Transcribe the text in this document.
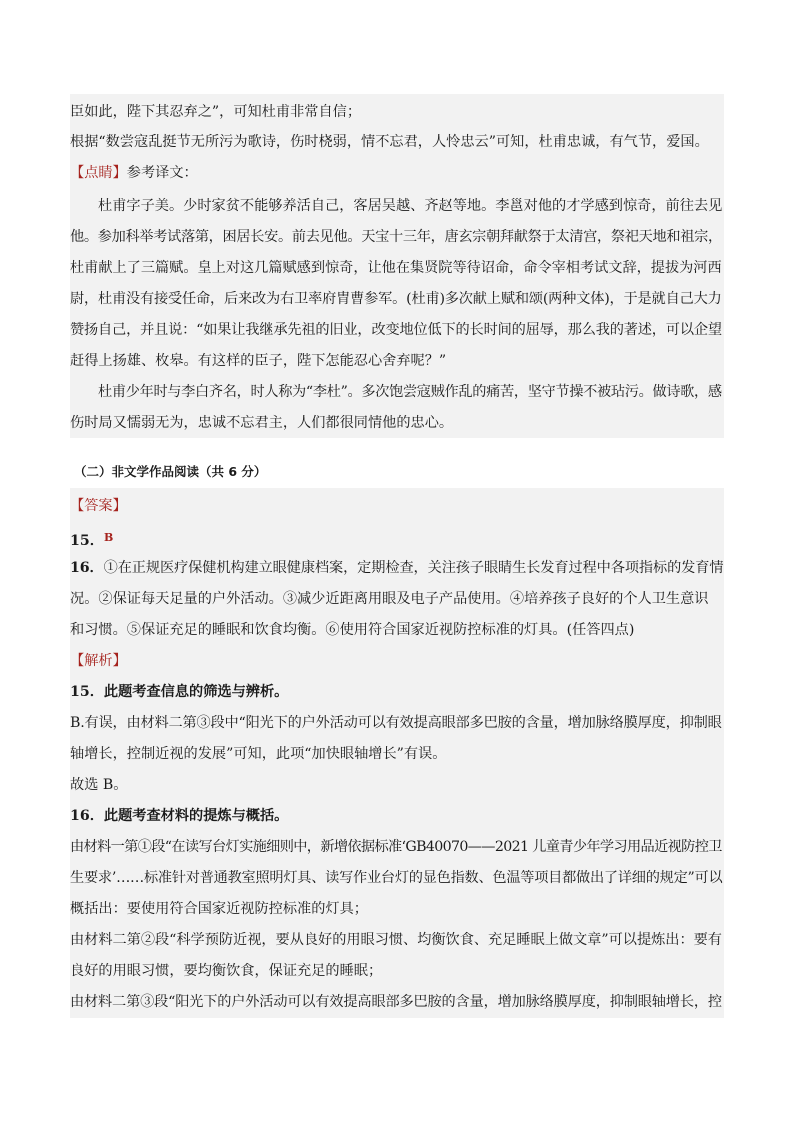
臣如此，陛下其忍弃之”，可知杜甫非常自信；
根据“数尝寇乱挺节无所污为歌诗，伤时桡弱，情不忘君，人怜忠云”可知，杜甫忠诚，有气节，爱国。
【点睛】参考译文：
杜甫字子美。少时家贫不能够养活自己，客居吴越、齐赵等地。李邕对他的才学感到惊奇，前往去见
他。参加科举考试落第，困居长安。前去见他。天宝十三年，唐玄宗朝拜献祭于太清宫，祭祀天地和祖宗，
杜甫献上了三篇赋。皇上对这几篇赋感到惊奇，让他在集贤院等待诏命，命令宰相考试文辞，提拔为河西
尉，杜甫没有接受任命，后来改为右卫率府胄曹参军。(杜甫)多次献上赋和颂(两种文体)，于是就自己大力
赞扬自己，并且说：“如果让我继承先祖的旧业，改变地位低下的长时间的屈辱，那么我的著述，可以企望
赶得上扬雄、枚皋。有这样的臣子，陛下怎能忍心舍弃呢？”
杜甫少年时与李白齐名，时人称为“李杜”。多次饱尝寇贼作乱的痛苦，坚守节操不被玷污。做诗歌，感
伤时局又懦弱无为，忠诚不忘君主，人们都很同情他的忠心。
（二）非文学作品阅读（共 6 分）
【答案】
15．$^B$
16．①在正规医疗保健机构建立眼健康档案，定期检查，关注孩子眼睛生长发育过程中各项指标的发育情
况。②保证每天足量的户外活动。③减少近距离用眼及电子产品使用。④培养孩子良好的个人卫生意识
和习惯。⑤保证充足的睡眠和饮食均衡。⑥使用符合国家近视防控标准的灯具。(任答四点)
【解析】
15．此题考查信息的筛选与辨析。
B.有误，由材料二第③段中“阳光下的户外活动可以有效提高眼部多巴胺的含量，增加脉络膜厚度，抑制眼
轴增长，控制近视的发展”可知，此项“加快眼轴增长”有误。
故选 B。
16．此题考查材料的提炼与概括。
由材料一第①段“在读写台灯实施细则中，新增依据标准‘GB40070——2021 儿童青少年学习用品近视防控卫
生要求’……标准针对普通教室照明灯具、读写作业台灯的显色指数、色温等项目都做出了详细的规定”可以
概括出：要使用符合国家近视防控标准的灯具；
由材料二第②段“科学预防近视，要从良好的用眼习惯、均衡饮食、充足睡眠上做文章”可以提炼出：要有
良好的用眼习惯，要均衡饮食，保证充足的睡眠；
由材料二第③段“阳光下的户外活动可以有效提高眼部多巴胺的含量，增加脉络膜厚度，抑制眼轴增长，控
